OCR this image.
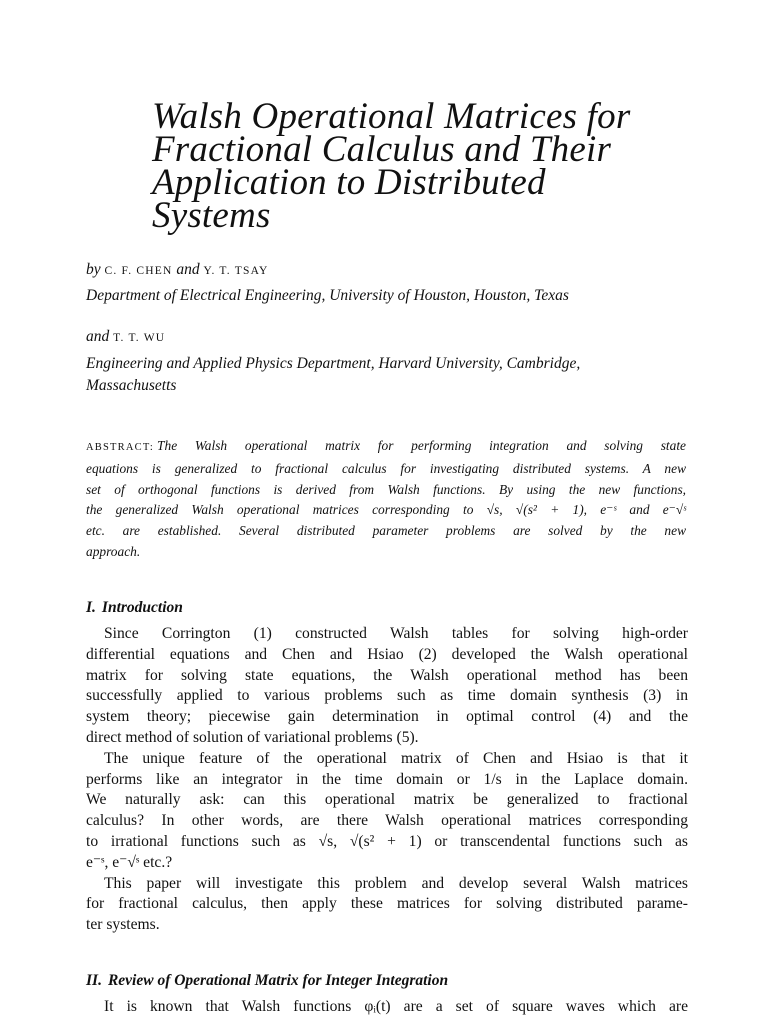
Walsh Operational Matrices for
Fractional Calculus and Their
Application to Distributed
Systems
by C. F. CHEN and Y. T. TSAY
Department of Electrical Engineering, University of Houston, Houston, Texas
and T. T. WU
Engineering and Applied Physics Department, Harvard University, Cambridge,
Massachusetts
ABSTRACT: The Walsh operational matrix for performing integration and solving state
equations is generalized to fractional calculus for investigating distributed systems. A new
set of orthogonal functions is derived from Walsh functions. By using the new functions,
the generalized Walsh operational matrices corresponding to √s, √(s² + 1), e⁻ˢ and e⁻√ˢ
etc. are established. Several distributed parameter problems are solved by the new
approach.
I. Introduction
Since Corrington (1) constructed Walsh tables for solving high-order
differential equations and Chen and Hsiao (2) developed the Walsh operational
matrix for solving state equations, the Walsh operational method has been
successfully applied to various problems such as time domain synthesis (3) in
system theory; piecewise gain determination in optimal control (4) and the
direct method of solution of variational problems (5).
The unique feature of the operational matrix of Chen and Hsiao is that it
performs like an integrator in the time domain or 1/s in the Laplace domain.
We naturally ask: can this operational matrix be generalized to fractional
calculus? In other words, are there Walsh operational matrices corresponding
to irrational functions such as √s, √(s² + 1) or transcendental functions such as
e⁻ˢ, e⁻√ˢ etc.?
This paper will investigate this problem and develop several Walsh matrices
for fractional calculus, then apply these matrices for solving distributed parame-
ter systems.
II. Review of Operational Matrix for Integer Integration
It is known that Walsh functions φᵢ(t) are a set of square waves which are
